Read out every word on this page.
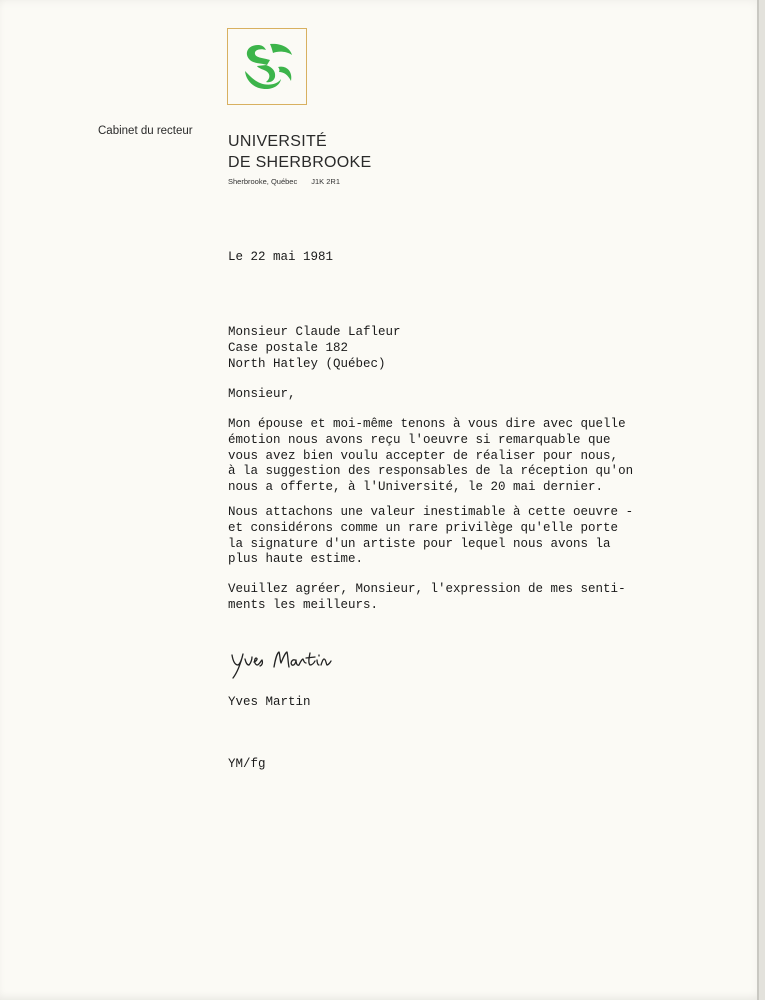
Cabinet du recteur
UNIVERSITÉ
DE SHERBROOKE
Sherbrooke, Québec J1K 2R1
Le 22 mai 1981
Monsieur Claude Lafleur
Case postale 182
North Hatley (Québec)
Monsieur,
Mon épouse et moi-même tenons à vous dire avec quelle
émotion nous avons reçu l'oeuvre si remarquable que
vous avez bien voulu accepter de réaliser pour nous,
à la suggestion des responsables de la réception qu'on
nous a offerte, à l'Université, le 20 mai dernier.
Nous attachons une valeur inestimable à cette oeuvre -
et considérons comme un rare privilège qu'elle porte
la signature d'un artiste pour lequel nous avons la
plus haute estime.
Veuillez agréer, Monsieur, l'expression de mes senti-
ments les meilleurs.
Yves Martin
YM/fg
